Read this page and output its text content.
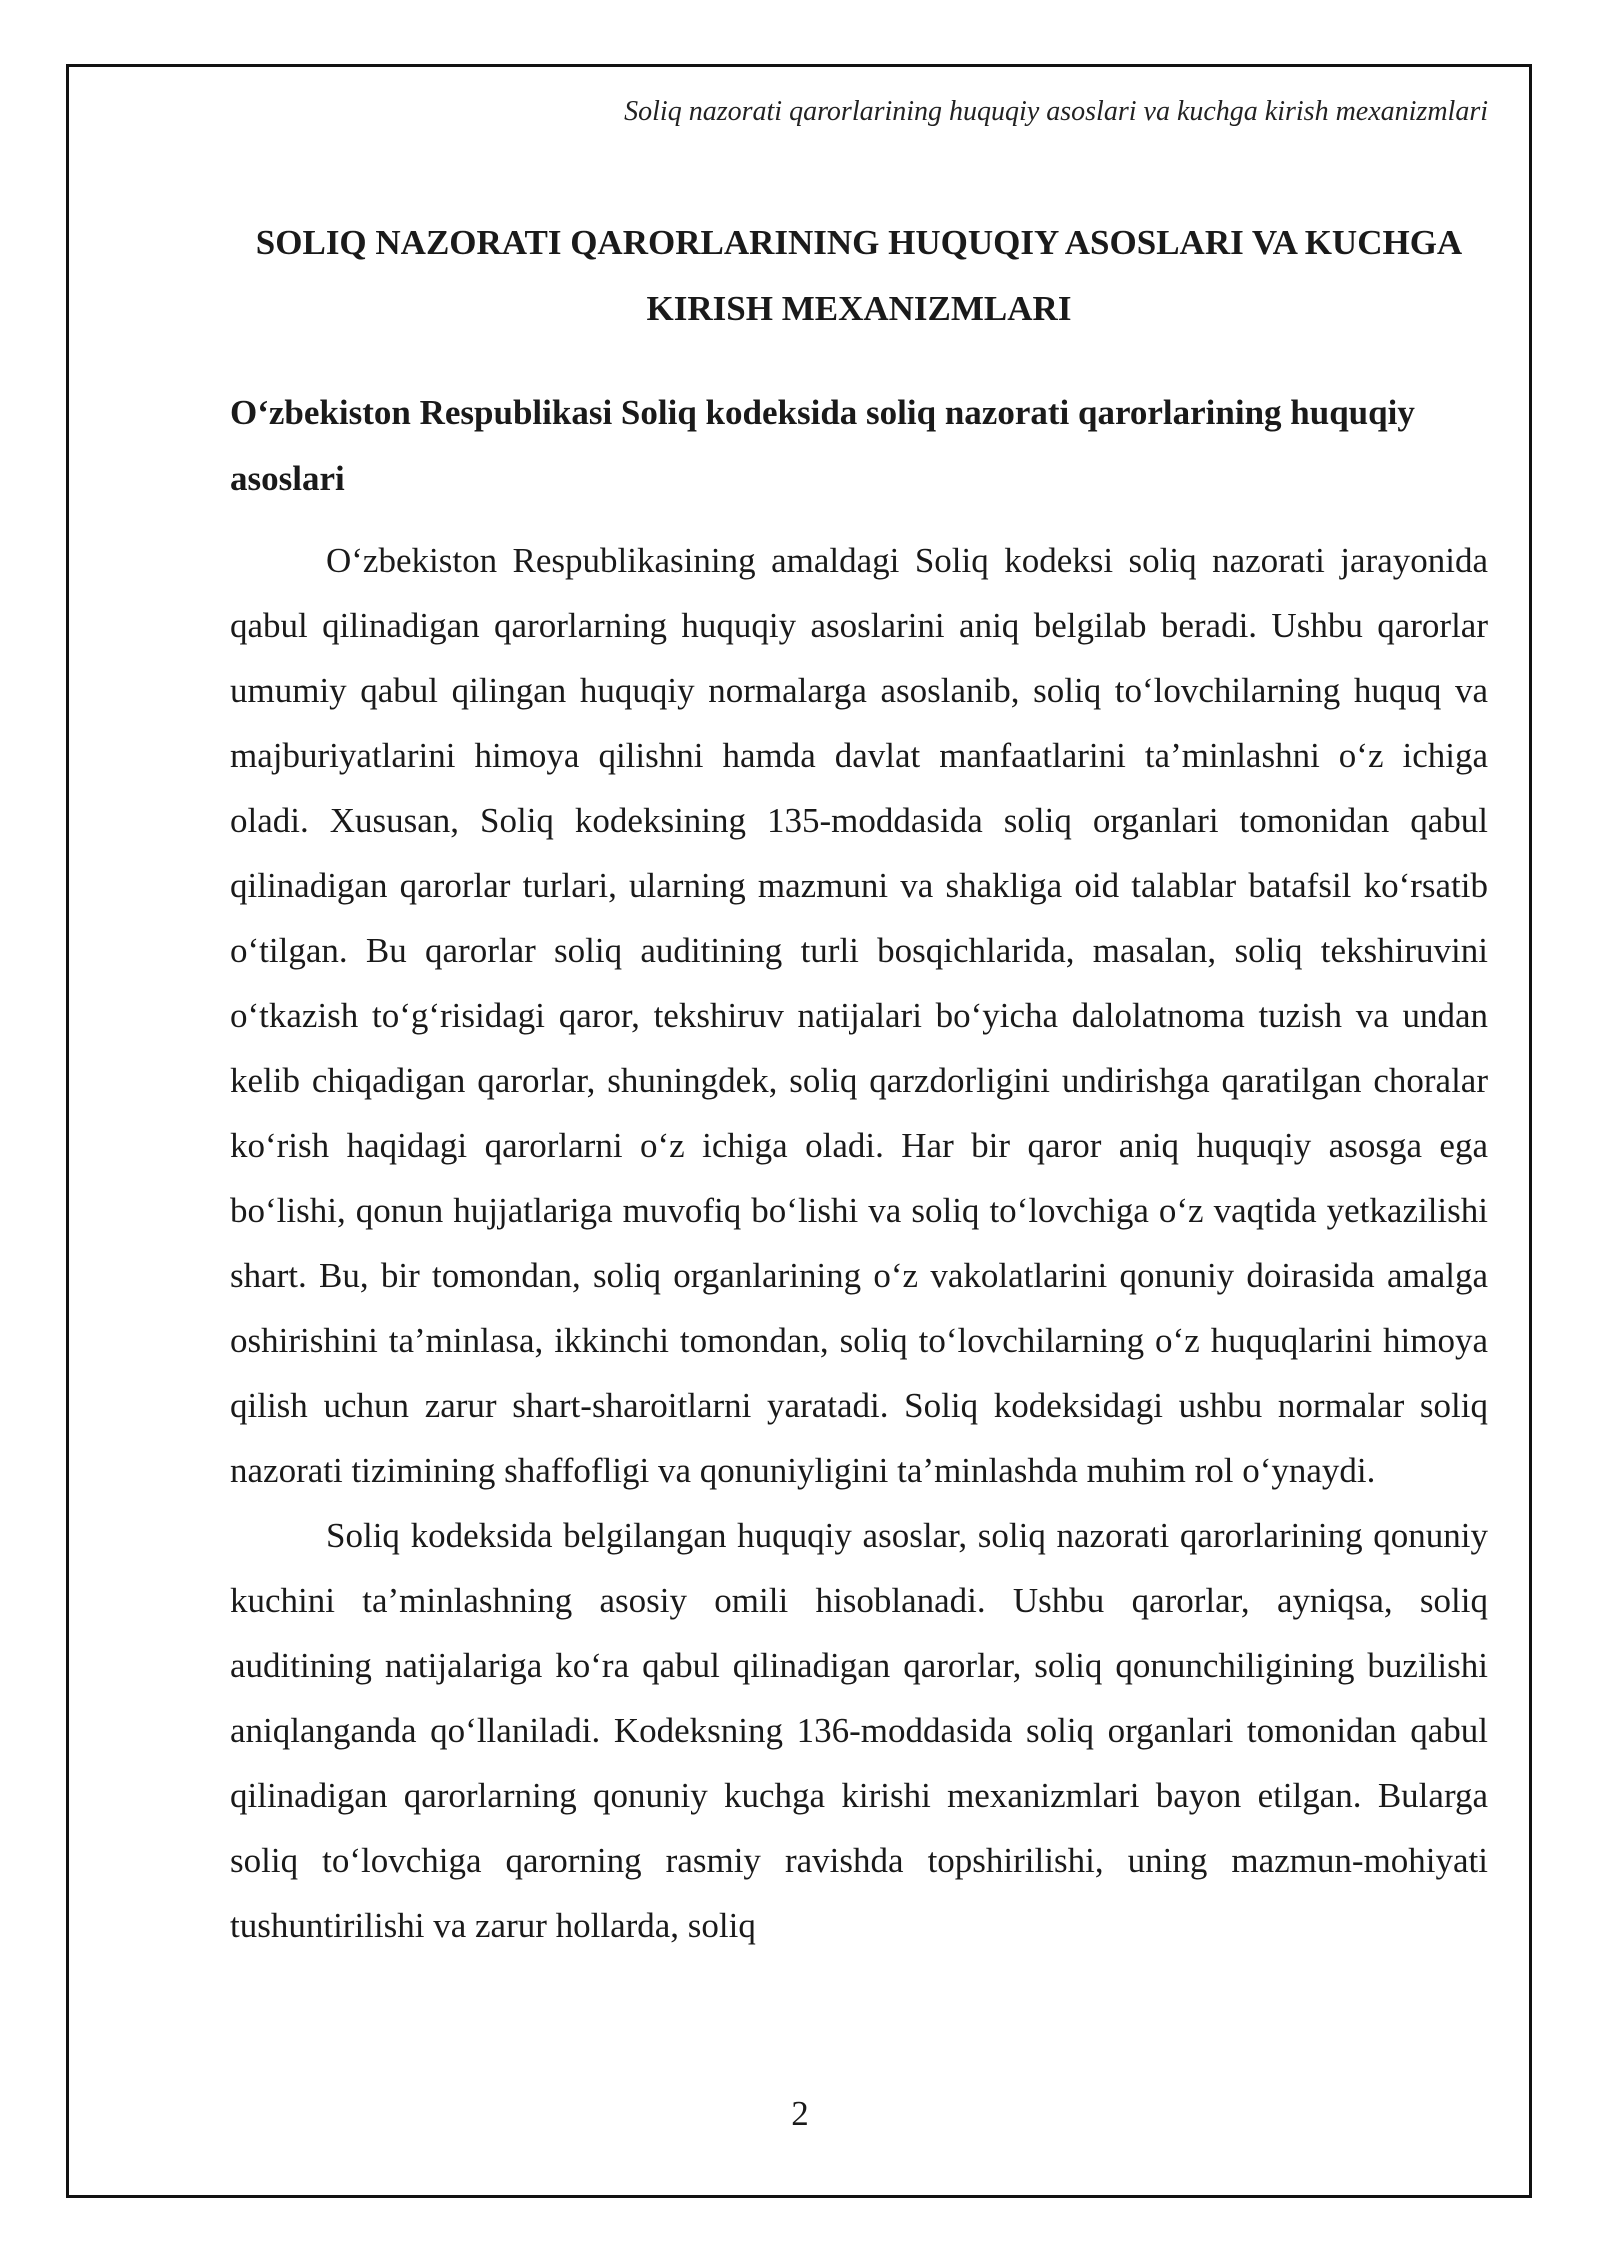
Soliq nazorati qarorlarining huquqiy asoslari va kuchga kirish mexanizmlari
SOLIQ NAZORATI QARORLARINING HUQUQIY ASOSLARI VA KUCHGA KIRISH MEXANIZMLARI
O‘zbekiston Respublikasi Soliq kodeksida soliq nazorati qarorlarining huquqiy asoslari

O‘zbekiston Respublikasining amaldagi Soliq kodeksi soliq nazorati jarayonida qabul qilinadigan qarorlarning huquqiy asoslarini aniq belgilab beradi. Ushbu qarorlar umumiy qabul qilingan huquqiy normalarga asoslanib, soliq to‘lovchilarning huquq va majburiyatlarini himoya qilishni hamda davlat manfaatlarini ta’minlashni o‘z ichiga oladi. Xususan, Soliq kodeksining 135-moddasida soliq organlari tomonidan qabul qilinadigan qarorlar turlari, ularning mazmuni va shakliga oid talablar batafsil ko‘rsatib o‘tilgan. Bu qarorlar soliq auditining turli bosqichlarida, masalan, soliq tekshiruvini o‘tkazish to‘g‘risidagi qaror, tekshiruv natijalari bo‘yicha dalolatnoma tuzish va undan kelib chiqadigan qarorlar, shuningdek, soliq qarzdorligini undirishga qaratilgan choralar ko‘rish haqidagi qarorlarni o‘z ichiga oladi. Har bir qaror aniq huquqiy asosga ega bo‘lishi, qonun hujjatlariga muvofiq bo‘lishi va soliq to‘lovchiga o‘z vaqtida yetkazilishi shart. Bu, bir tomondan, soliq organlarining o‘z vakolatlarini qonuniy doirasida amalga oshirishini ta’minlasa, ikkinchi tomondan, soliq to‘lovchilarning o‘z huquqlarini himoya qilish uchun zarur shart-sharoitlarni yaratadi. Soliq kodeksidagi ushbu normalar soliq nazorati tizimining shaffofligi va qonuniyligini ta’minlashda muhim rol o‘ynaydi.

Soliq kodeksida belgilangan huquqiy asoslar, soliq nazorati qarorlarining qonuniy kuchini ta’minlashning asosiy omili hisoblanadi. Ushbu qarorlar, ayniqsa, soliq auditining natijalariga ko‘ra qabul qilinadigan qarorlar, soliq qonunchiligining buzilishi aniqlanganda qo‘llaniladi. Kodeksning 136-moddasida soliq organlari tomonidan qabul qilinadigan qarorlarning qonuniy kuchga kirishi mexanizmlari bayon etilgan. Bularga soliq to‘lovchiga qarorning rasmiy ravishda topshirilishi, uning mazmun-mohiyati tushuntirilishi va zarur hollarda, soliq

2
